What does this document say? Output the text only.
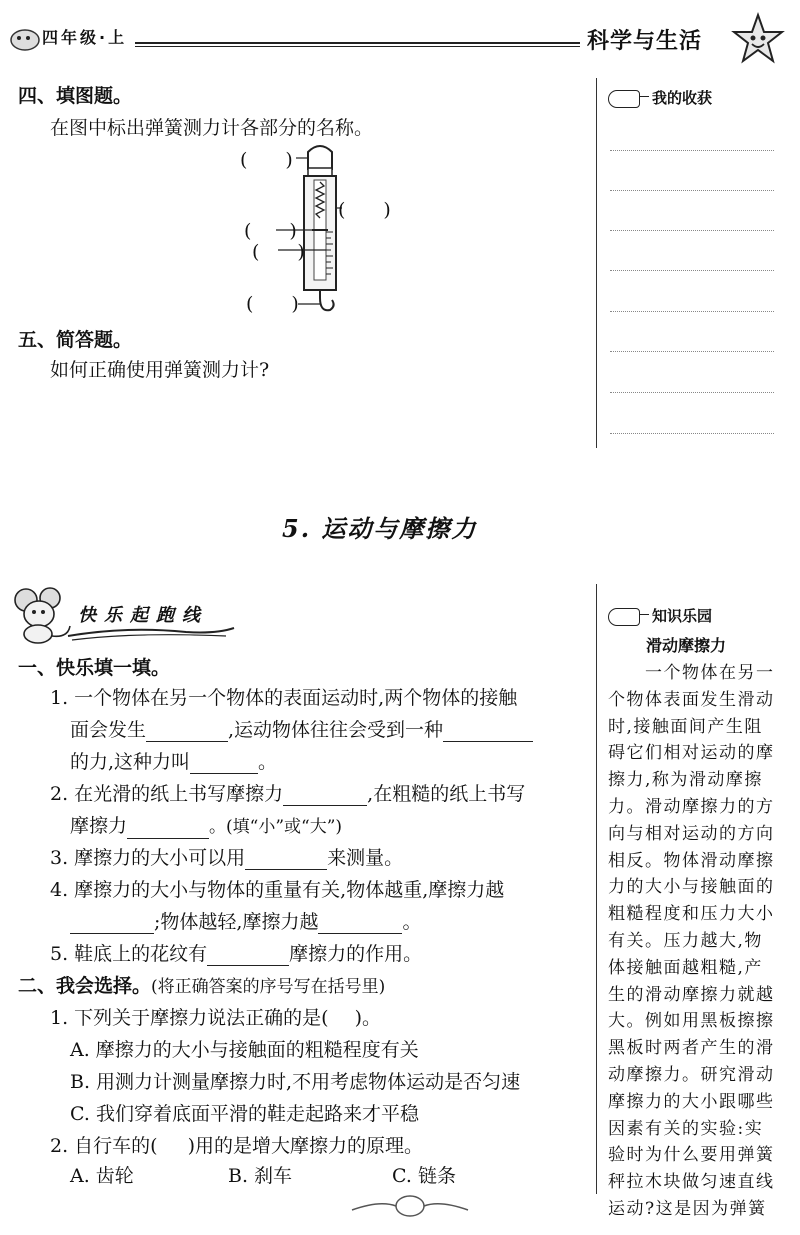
四年级·上	科学与生活
四、填图题。
在图中标出弹簧测力计各部分的名称。
(　　)
(　　)
(　　)
(　　)
(　　)
五、简答题。
如何正确使用弹簧测力计?
我的收获
5. 运动与摩擦力
快乐起跑线
一、快乐填一填。
1. 一个物体在另一个物体的表面运动时,两个物体的接触
面会发生	,运动物体往往会受到一种
的力,这种力叫	。
2. 在光滑的纸上书写摩擦力	,在粗糙的纸上书写
摩擦力	。(填“小”或“大”)
3. 摩擦力的大小可以用	来测量。
4. 摩擦力的大小与物体的重量有关,物体越重,摩擦力越
;物体越轻,摩擦力越	。
5. 鞋底上的花纹有	摩擦力的作用。
二、我会选择。(将正确答案的序号写在括号里)
1. 下列关于摩擦力说法正确的是( )。
A. 摩擦力的大小与接触面的粗糙程度有关
B. 用测力计测量摩擦力时,不用考虑物体运动是否匀速
C. 我们穿着底面平滑的鞋走起路来才平稳
2. 自行车的( )用的是增大摩擦力的原理。
A. 齿轮	B. 刹车	C. 链条
知识乐园
滑动摩擦力
　　一个物体在另一
个物体表面发生滑动
时,接触面间产生阻
碍它们相对运动的摩
擦力,称为滑动摩擦
力。滑动摩擦力的方
向与相对运动的方向
相反。物体滑动摩擦
力的大小与接触面的
粗糙程度和压力大小
有关。压力越大,物
体接触面越粗糙,产
生的滑动摩擦力就越
大。例如用黑板擦擦
黑板时两者产生的滑
动摩擦力。研究滑动
摩擦力的大小跟哪些
因素有关的实验:实
验时为什么要用弹簧
秤拉木块做匀速直线
运动?这是因为弹簧
